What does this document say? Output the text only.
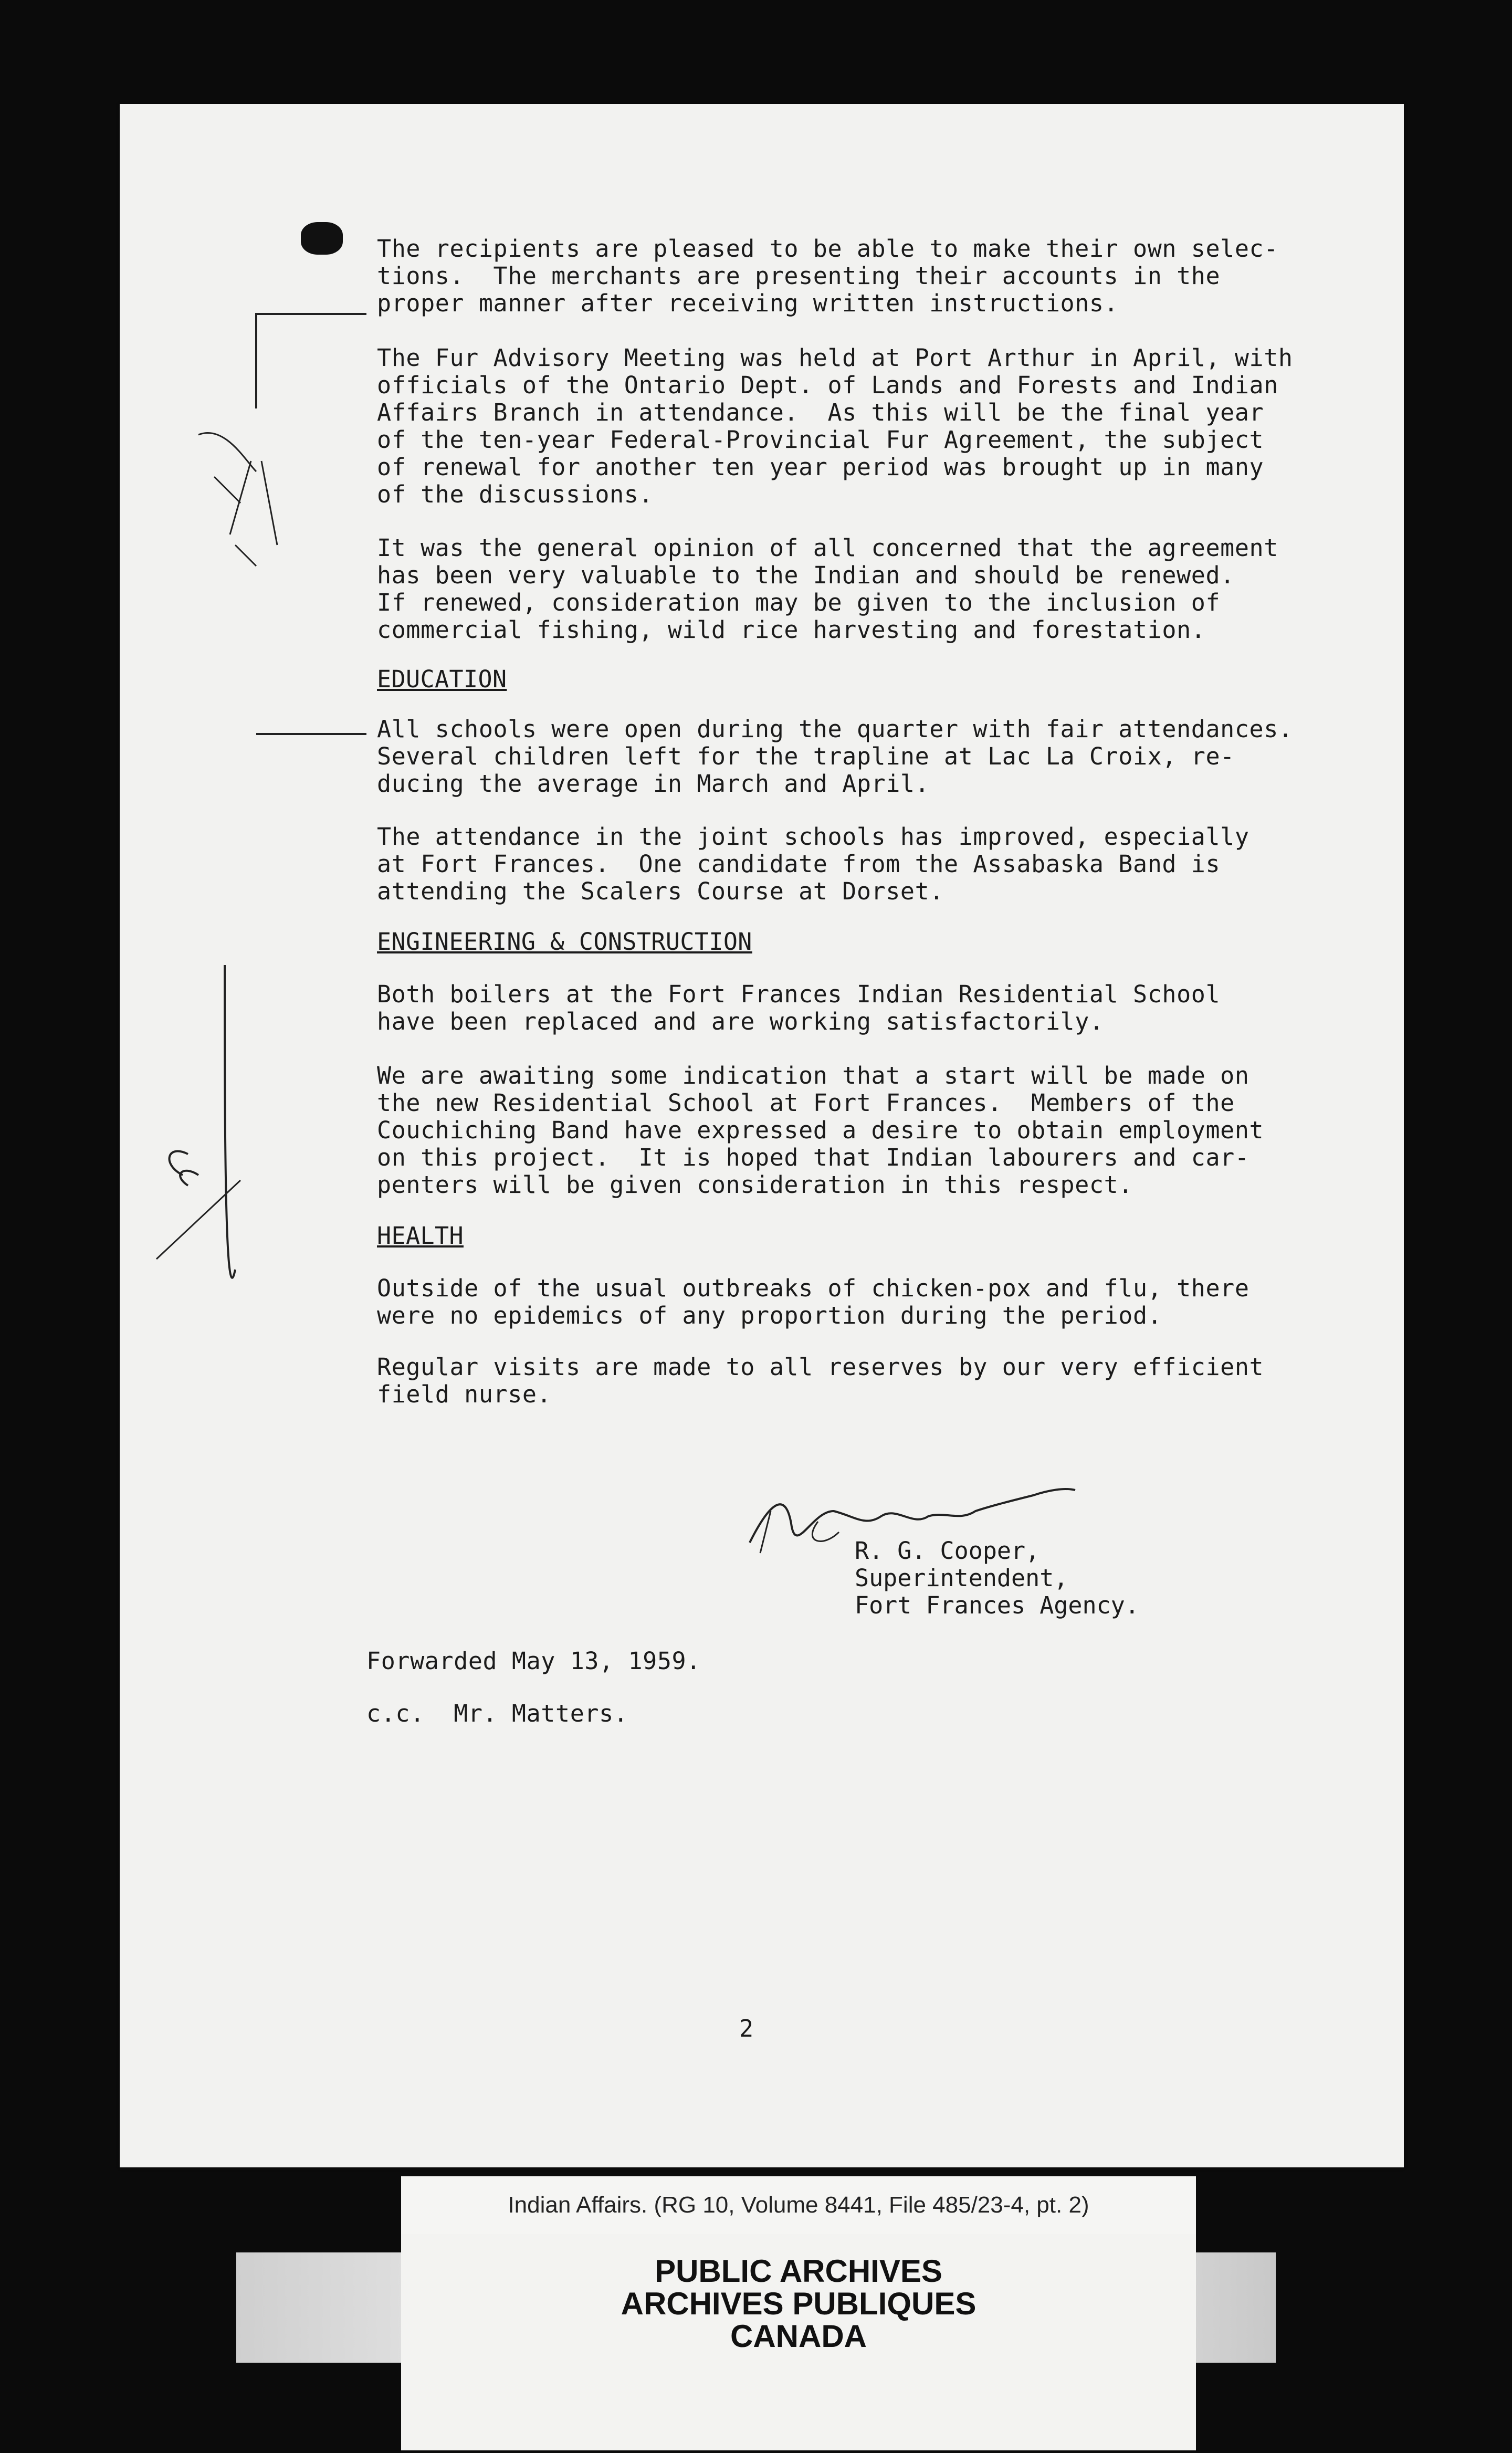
The recipients are pleased to be able to make their own selec-
tions.  The merchants are presenting their accounts in the
proper manner after receiving written instructions.
The Fur Advisory Meeting was held at Port Arthur in April, with
officials of the Ontario Dept. of Lands and Forests and Indian
Affairs Branch in attendance.  As this will be the final year
of the ten-year Federal-Provincial Fur Agreement, the subject
of renewal for another ten year period was brought up in many
of the discussions.
It was the general opinion of all concerned that the agreement
has been very valuable to the Indian and should be renewed.
If renewed, consideration may be given to the inclusion of
commercial fishing, wild rice harvesting and forestation.
EDUCATION
All schools were open during the quarter with fair attendances.
Several children left for the trapline at Lac La Croix, re-
ducing the average in March and April.
The attendance in the joint schools has improved, especially
at Fort Frances.  One candidate from the Assabaska Band is
attending the Scalers Course at Dorset.
ENGINEERING & CONSTRUCTION
Both boilers at the Fort Frances Indian Residential School
have been replaced and are working satisfactorily.
We are awaiting some indication that a start will be made on
the new Residential School at Fort Frances.  Members of the
Couchiching Band have expressed a desire to obtain employment
on this project.  It is hoped that Indian labourers and car-
penters will be given consideration in this respect.
HEALTH
Outside of the usual outbreaks of chicken-pox and flu, there
were no epidemics of any proportion during the period.
Regular visits are made to all reserves by our very efficient
field nurse.
R. G. Cooper,
Superintendent,
Fort Frances Agency.
Forwarded May 13, 1959.
c.c.  Mr. Matters.
2
Indian Affairs. (RG 10, Volume 8441, File 485/23-4, pt. 2)
PUBLIC ARCHIVES
ARCHIVES PUBLIQUES
CANADA
